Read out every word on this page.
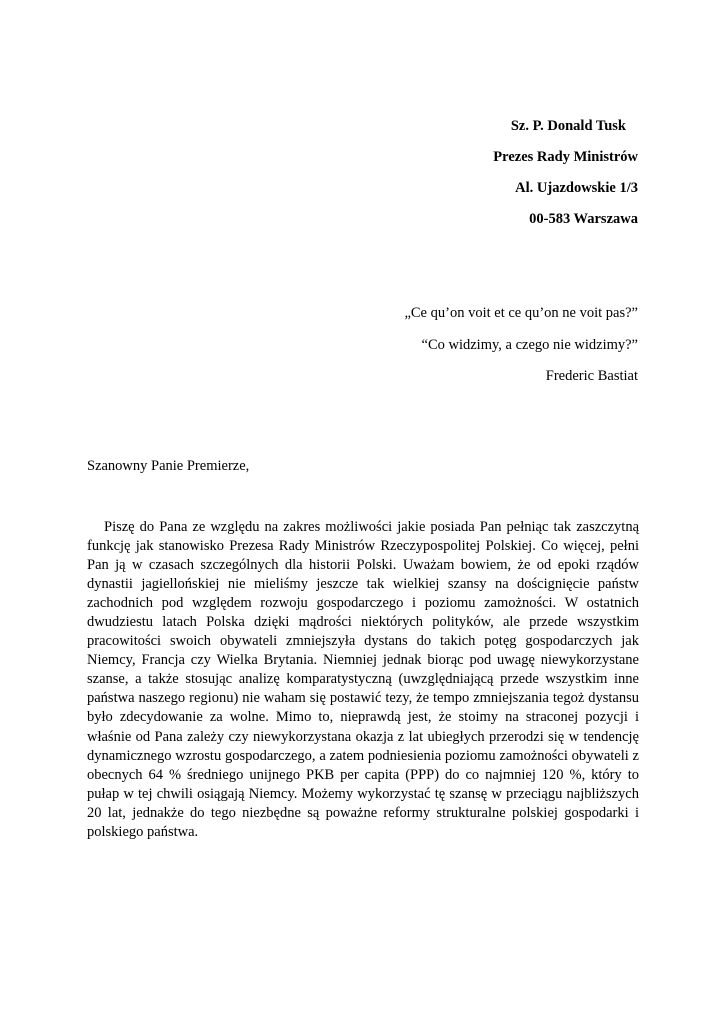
Sz. P. Donald Tusk
Prezes Rady Ministrów
Al. Ujazdowskie 1/3
00-583 Warszawa
„Ce qu’on voit et ce qu’on ne voit pas?”
“Co widzimy, a czego nie widzimy?”
Frederic Bastiat
Szanowny Panie Premierze,

Piszę do Pana ze względu na zakres możliwości jakie posiada Pan pełniąc tak zaszczytną funkcję jak stanowisko Prezesa Rady Ministrów Rzeczypospolitej Polskiej. Co więcej, pełni Pan ją w czasach szczególnych dla historii Polski. Uważam bowiem, że od epoki rządów dynastii jagiellońskiej nie mieliśmy jeszcze tak wielkiej szansy na doścignięcie państw zachodnich pod względem rozwoju gospodarczego i poziomu zamożności. W ostatnich dwudziestu latach Polska dzięki mądrości niektórych polityków, ale przede wszystkim pracowitości swoich obywateli zmniejszyła dystans do takich potęg gospodarczych jak Niemcy, Francja czy Wielka Brytania. Niemniej jednak biorąc pod uwagę niewykorzystane szanse, a także stosując analizę komparatystyczną (uwzględniającą przede wszystkim inne państwa naszego regionu) nie waham się postawić tezy, że tempo zmniejszania tegoż dystansu było zdecydowanie za wolne. Mimo to, nieprawdą jest, że stoimy na straconej pozycji i właśnie od Pana zależy czy niewykorzystana okazja z lat ubiegłych przerodzi się w tendencję dynamicznego wzrostu gospodarczego, a zatem podniesienia poziomu zamożności obywateli z obecnych 64 % średniego unijnego PKB per capita (PPP) do co najmniej 120 %, który to pułap w tej chwili osiągają Niemcy. Możemy wykorzystać tę szansę w przeciągu najbliższych 20 lat, jednakże do tego niezbędne są poważne reformy strukturalne polskiej gospodarki i polskiego państwa.
